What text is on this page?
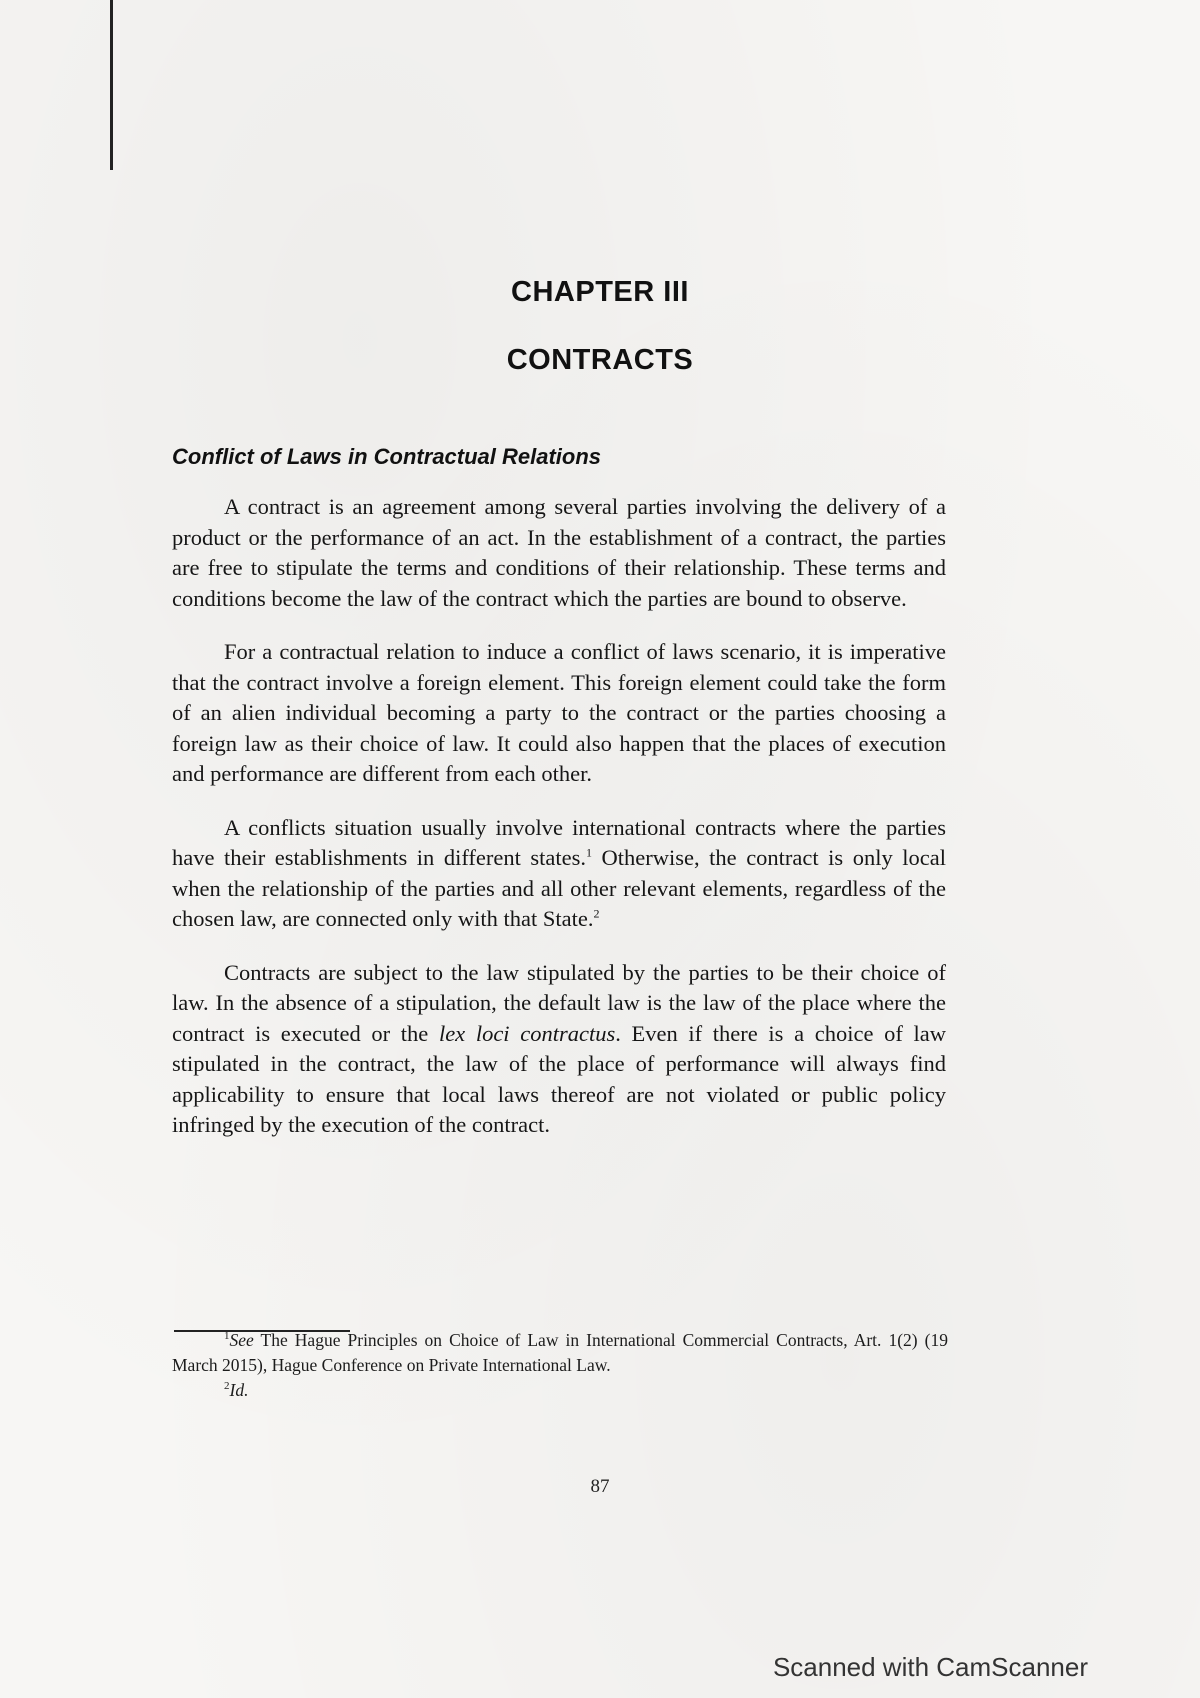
CHAPTER III
CONTRACTS
Conflict of Laws in Contractual Relations

A contract is an agreement among several parties involving the delivery of a product or the performance of an act. In the establishment of a contract, the parties are free to stipulate the terms and conditions of their relationship. These terms and conditions become the law of the contract which the parties are bound to observe.

For a contractual relation to induce a conflict of laws scenario, it is imperative that the contract involve a foreign element. This foreign element could take the form of an alien individual becoming a party to the contract or the parties choosing a foreign law as their choice of law. It could also happen that the places of execution and performance are different from each other.

A conflicts situation usually involve international contracts where the parties have their establishments in different states.$^1$ Otherwise, the contract is only local when the relationship of the parties and all other relevant elements, regardless of the chosen law, are connected only with that State.$^2$

Contracts are subject to the law stipulated by the parties to be their choice of law. In the absence of a stipulation, the default law is the law of the place where the contract is executed or the lex loci contractus. Even if there is a choice of law stipulated in the contract, the law of the place of performance will always find applicability to ensure that local laws thereof are not violated or public policy infringed by the execution of the contract.

$^1$See The Hague Principles on Choice of Law in International Commercial Contracts, Art. 1(2) (19 March 2015), Hague Conference on Private International Law.

$^2$Id.

87
Scanned with CamScanner
